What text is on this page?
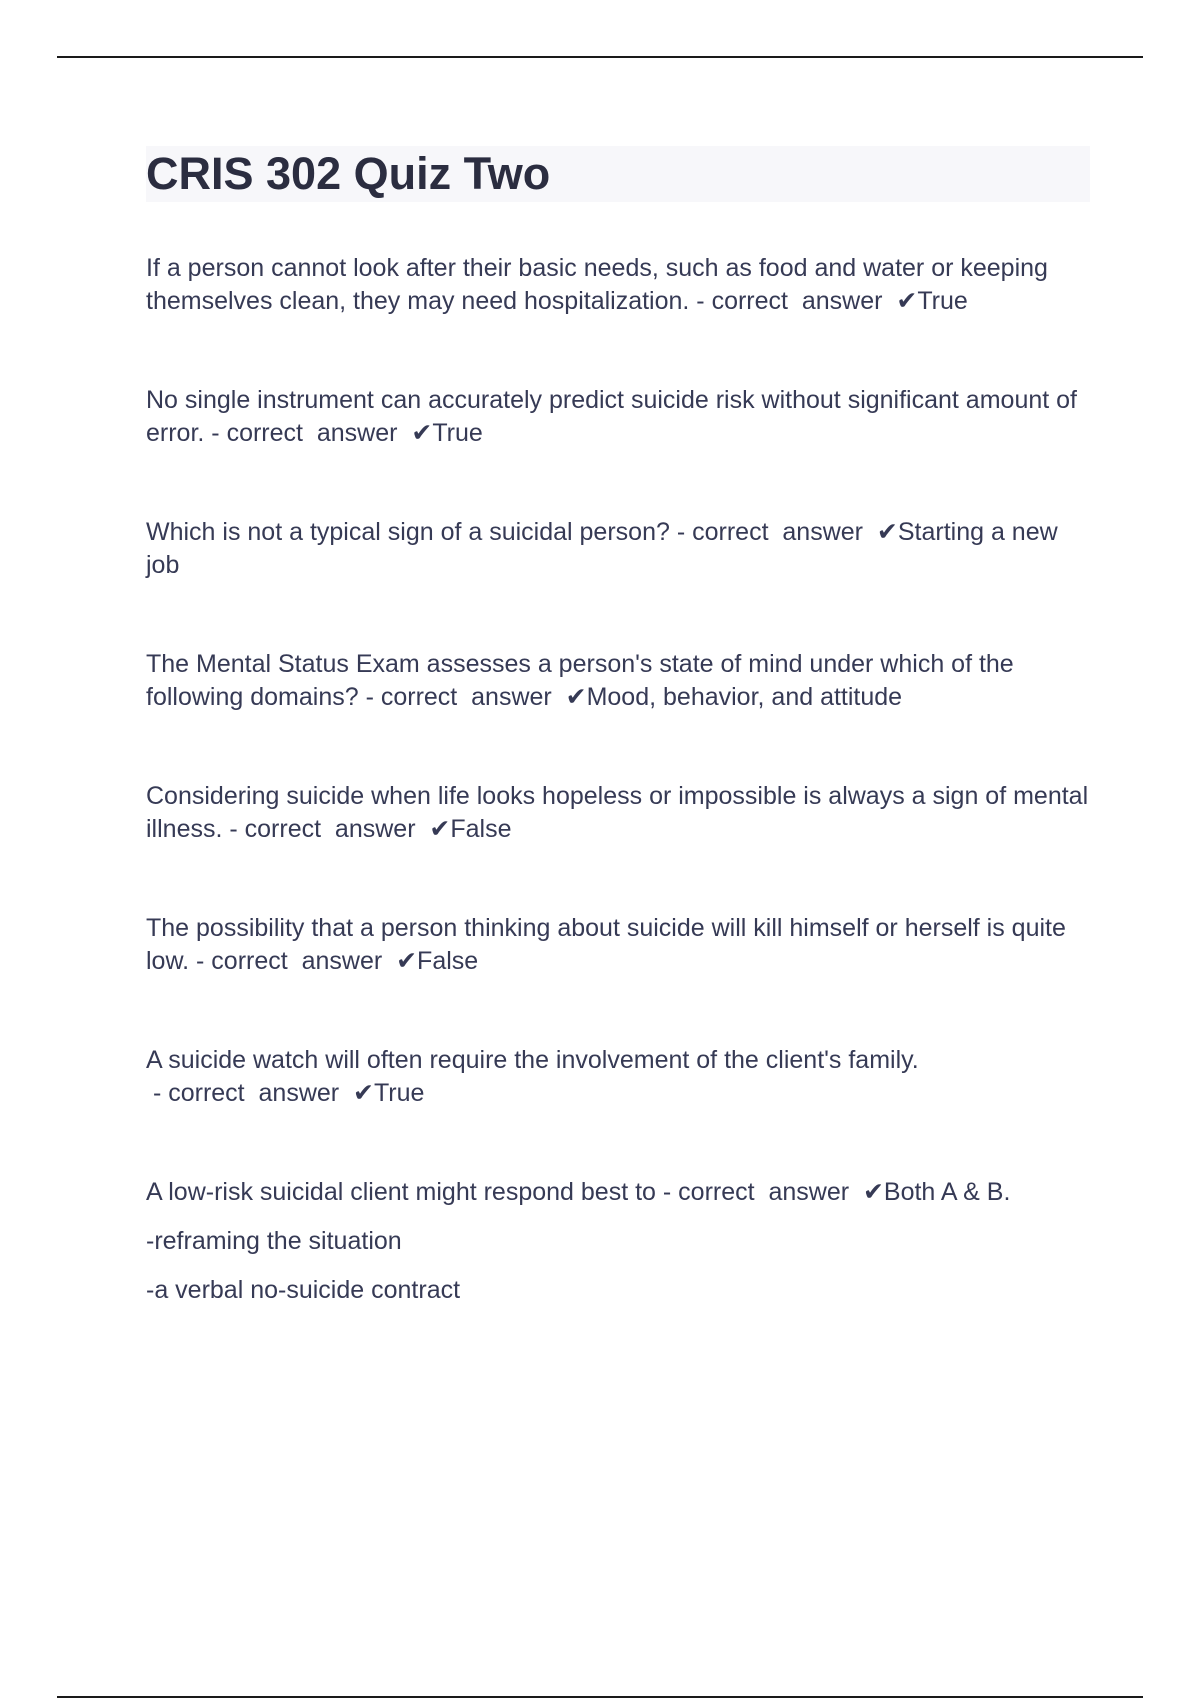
CRIS 302 Quiz Two

If a person cannot look after their basic needs, such as food and water or keeping themselves clean, they may need hospitalization. - correct  answer  ✔True

No single instrument can accurately predict suicide risk without significant amount of error. - correct  answer  ✔True

Which is not a typical sign of a suicidal person? - correct  answer  ✔Starting a new job

The Mental Status Exam assesses a person's state of mind under which of the following domains? - correct  answer  ✔Mood, behavior, and attitude

Considering suicide when life looks hopeless or impossible is always a sign of mental illness. - correct  answer  ✔False

The possibility that a person thinking about suicide will kill himself or herself is quite low. - correct  answer  ✔False

A suicide watch will often require the involvement of the client's family. - correct  answer  ✔True

A low-risk suicidal client might respond best to - correct  answer  ✔Both A & B.

-reframing the situation

-a verbal no-suicide contract
